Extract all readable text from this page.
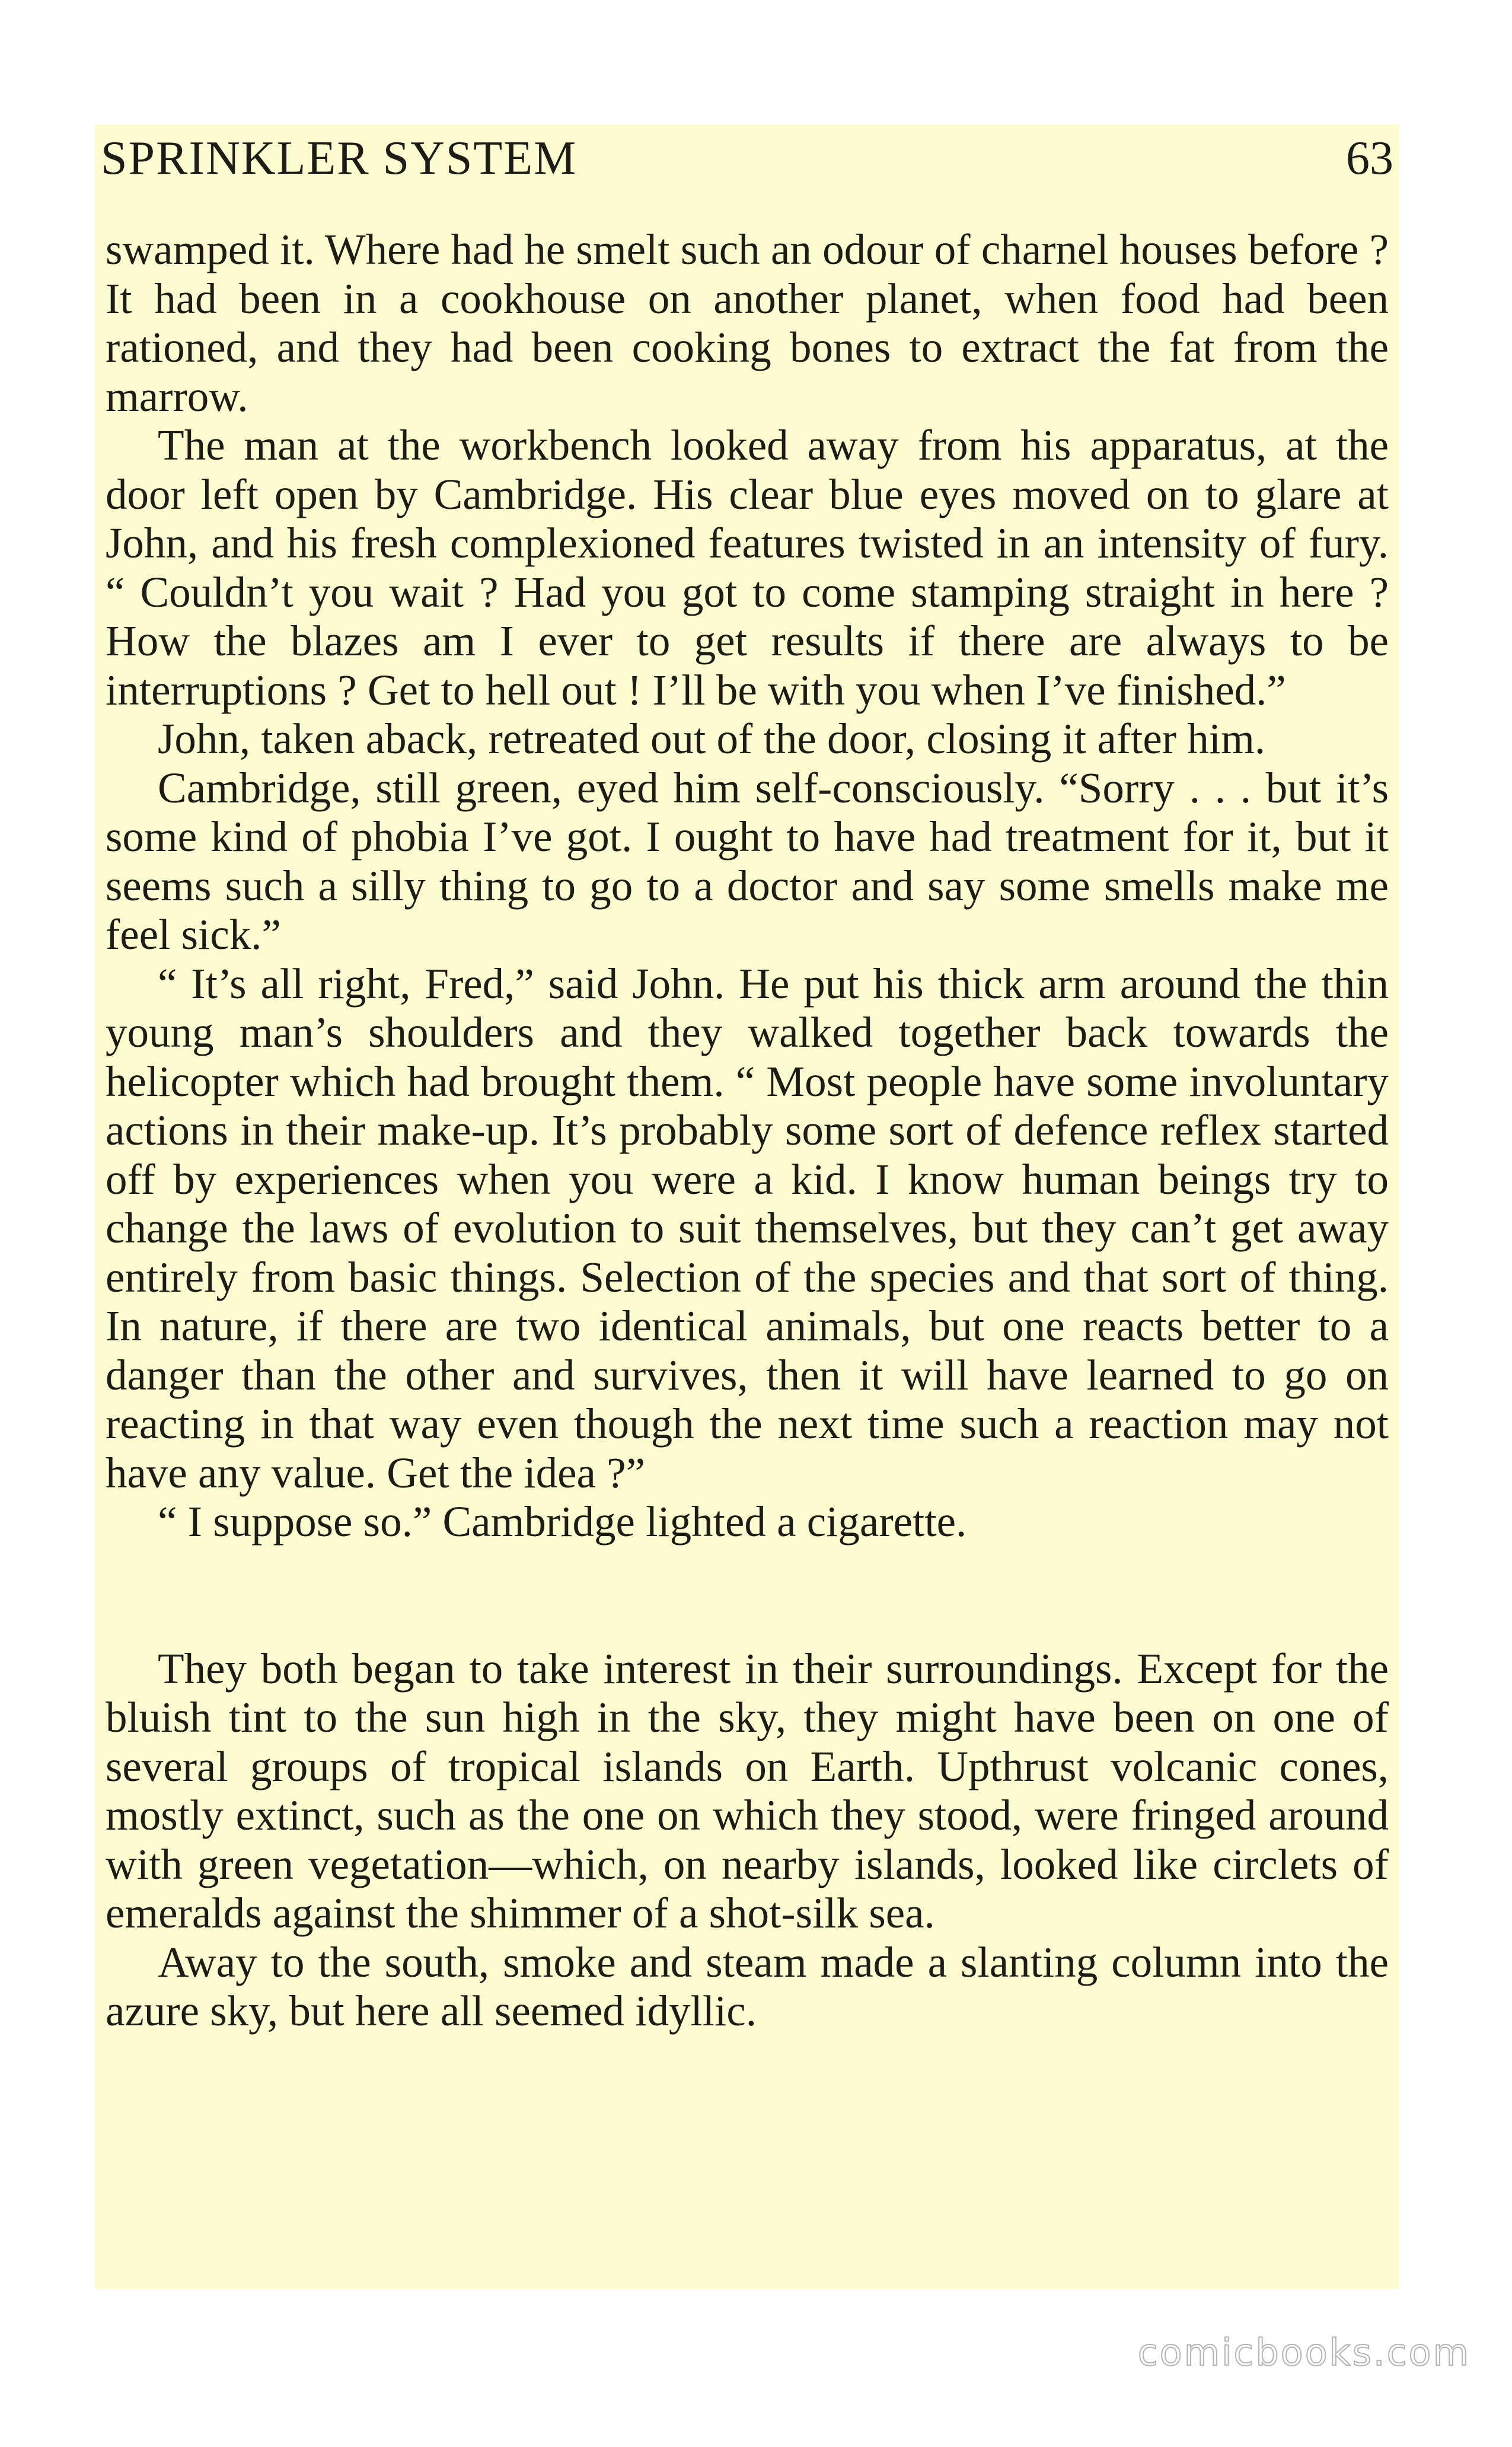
SPRINKLER SYSTEM	63

swamped it. Where had he smelt such an odour of charnel houses before ? It had been in a cookhouse on another planet, when food had been rationed, and they had been cooking bones to extract the fat from the marrow.

The man at the workbench looked away from his apparatus, at the door left open by Cambridge. His clear blue eyes moved on to glare at John, and his fresh complexioned features twisted in an intensity of fury. “ Couldn’t you wait ? Had you got to come stamping straight in here ? How the blazes am I ever to get results if there are always to be interruptions ? Get to hell out ! I’ll be with you when I’ve finished.”

John, taken aback, retreated out of the door, closing it after him.

Cambridge, still green, eyed him self-consciously. “Sorry . . . but it’s some kind of phobia I’ve got. I ought to have had treatment for it, but it seems such a silly thing to go to a doctor and say some smells make me feel sick.”

“ It’s all right, Fred,” said John. He put his thick arm around the thin young man’s shoulders and they walked together back towards the helicopter which had brought them. “ Most people have some involuntary actions in their make-up. It’s probably some sort of defence reflex started off by experiences when you were a kid. I know human beings try to change the laws of evolution to suit themselves, but they can’t get away entirely from basic things. Selection of the species and that sort of thing. In nature, if there are two identical animals, but one reacts better to a danger than the other and survives, then it will have learned to go on reacting in that way even though the next time such a reaction may not have any value. Get the idea ?”

“ I suppose so.” Cambridge lighted a cigarette.

They both began to take interest in their surroundings. Except for the bluish tint to the sun high in the sky, they might have been on one of several groups of tropical islands on Earth. Upthrust volcanic cones, mostly extinct, such as the one on which they stood, were fringed around with green vegetation—which, on nearby islands, looked like circlets of emeralds against the shimmer of a shot-silk sea.

Away to the south, smoke and steam made a slanting column into the azure sky, but here all seemed idyllic.

comicbooks.com
